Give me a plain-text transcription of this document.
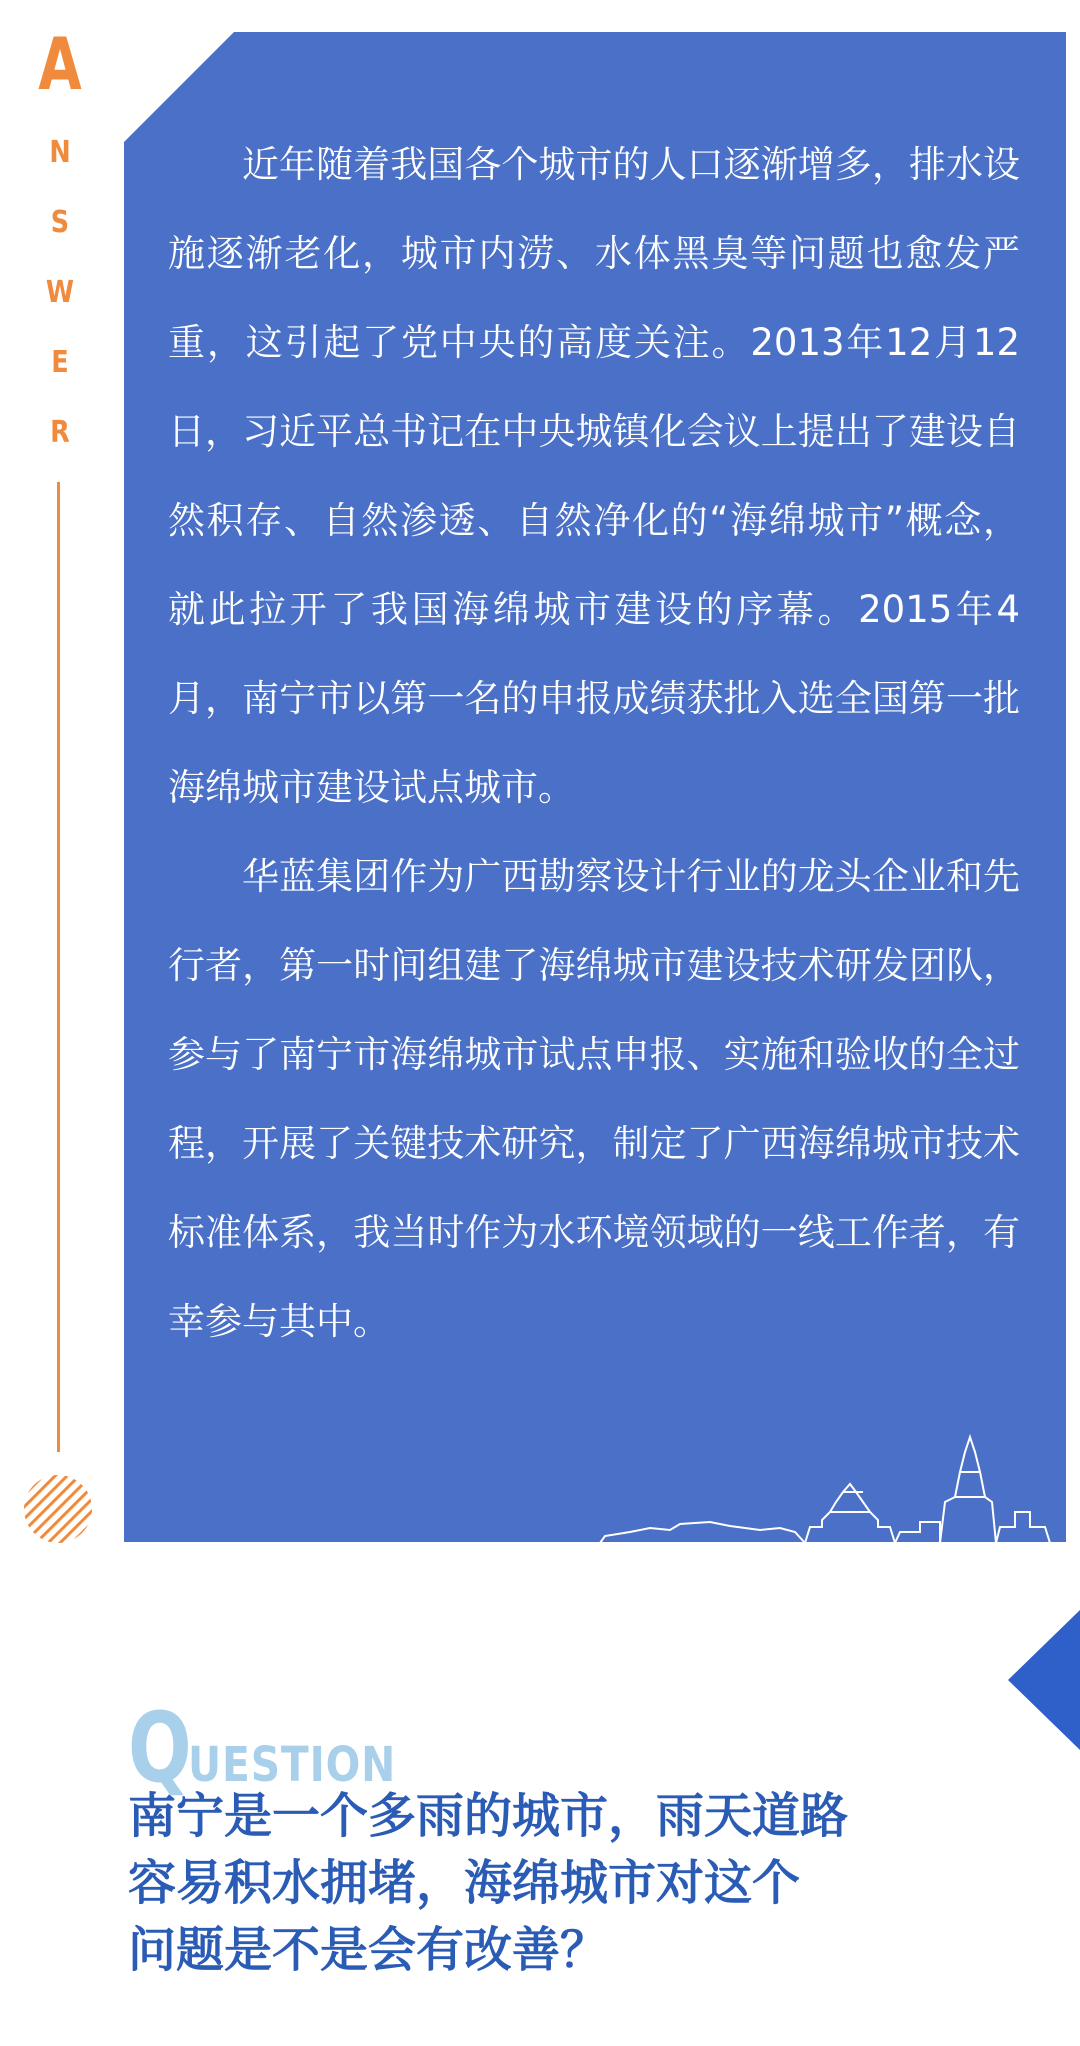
A
N
S
W
E
R

近年随着我国各个城市的人口逐渐增多，排水设施逐渐老化，城市内涝、水体黑臭等问题也愈发严重，这引起了党中央的高度关注。2013年12月12日，习近平总书记在中央城镇化会议上提出了建设自然积存、自然渗透、自然净化的“海绵城市”概念，就此拉开了我国海绵城市建设的序幕。2015年4月，南宁市以第一名的申报成绩获批入选全国第一批海绵城市建设试点城市。

华蓝集团作为广西勘察设计行业的龙头企业和先行者，第一时间组建了海绵城市建设技术研发团队，参与了南宁市海绵城市试点申报、实施和验收的全过程，开展了关键技术研究，制定了广西海绵城市技术标准体系，我当时作为水环境领域的一线工作者，有幸参与其中。

QUESTION
南宁是一个多雨的城市，雨天道路
容易积水拥堵，海绵城市对这个
问题是不是会有改善？
